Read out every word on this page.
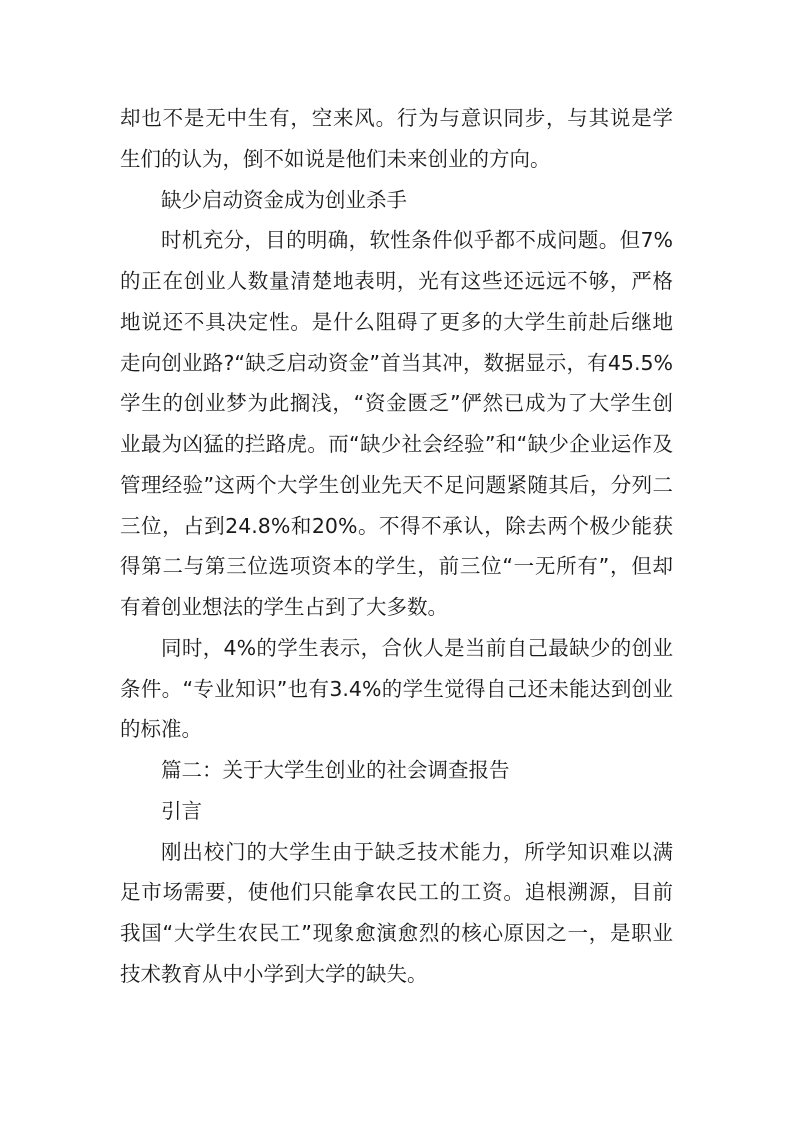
却也不是无中生有，空来风。行为与意识同步，与其说是学生们的认为，倒不如说是他们未来创业的方向。

缺少启动资金成为创业杀手

时机充分，目的明确，软性条件似乎都不成问题。但7%的正在创业人数量清楚地表明，光有这些还远远不够，严格地说还不具决定性。是什么阻碍了更多的大学生前赴后继地走向创业路?“缺乏启动资金”首当其冲，数据显示，有45.5%学生的创业梦为此搁浅，“资金匮乏”俨然已成为了大学生创业最为凶猛的拦路虎。而“缺少社会经验”和“缺少企业运作及管理经验”这两个大学生创业先天不足问题紧随其后，分列二三位，占到24.8%和20%。不得不承认，除去两个极少能获得第二与第三位选项资本的学生，前三位“一无所有”，但却有着创业想法的学生占到了大多数。

同时，4%的学生表示，合伙人是当前自己最缺少的创业条件。“专业知识”也有3.4%的学生觉得自己还未能达到创业的标准。

篇二：关于大学生创业的社会调查报告

引言

刚出校门的大学生由于缺乏技术能力，所学知识难以满足市场需要，使他们只能拿农民工的工资。追根溯源，目前我国“大学生农民工”现象愈演愈烈的核心原因之一，是职业技术教育从中小学到大学的缺失。
